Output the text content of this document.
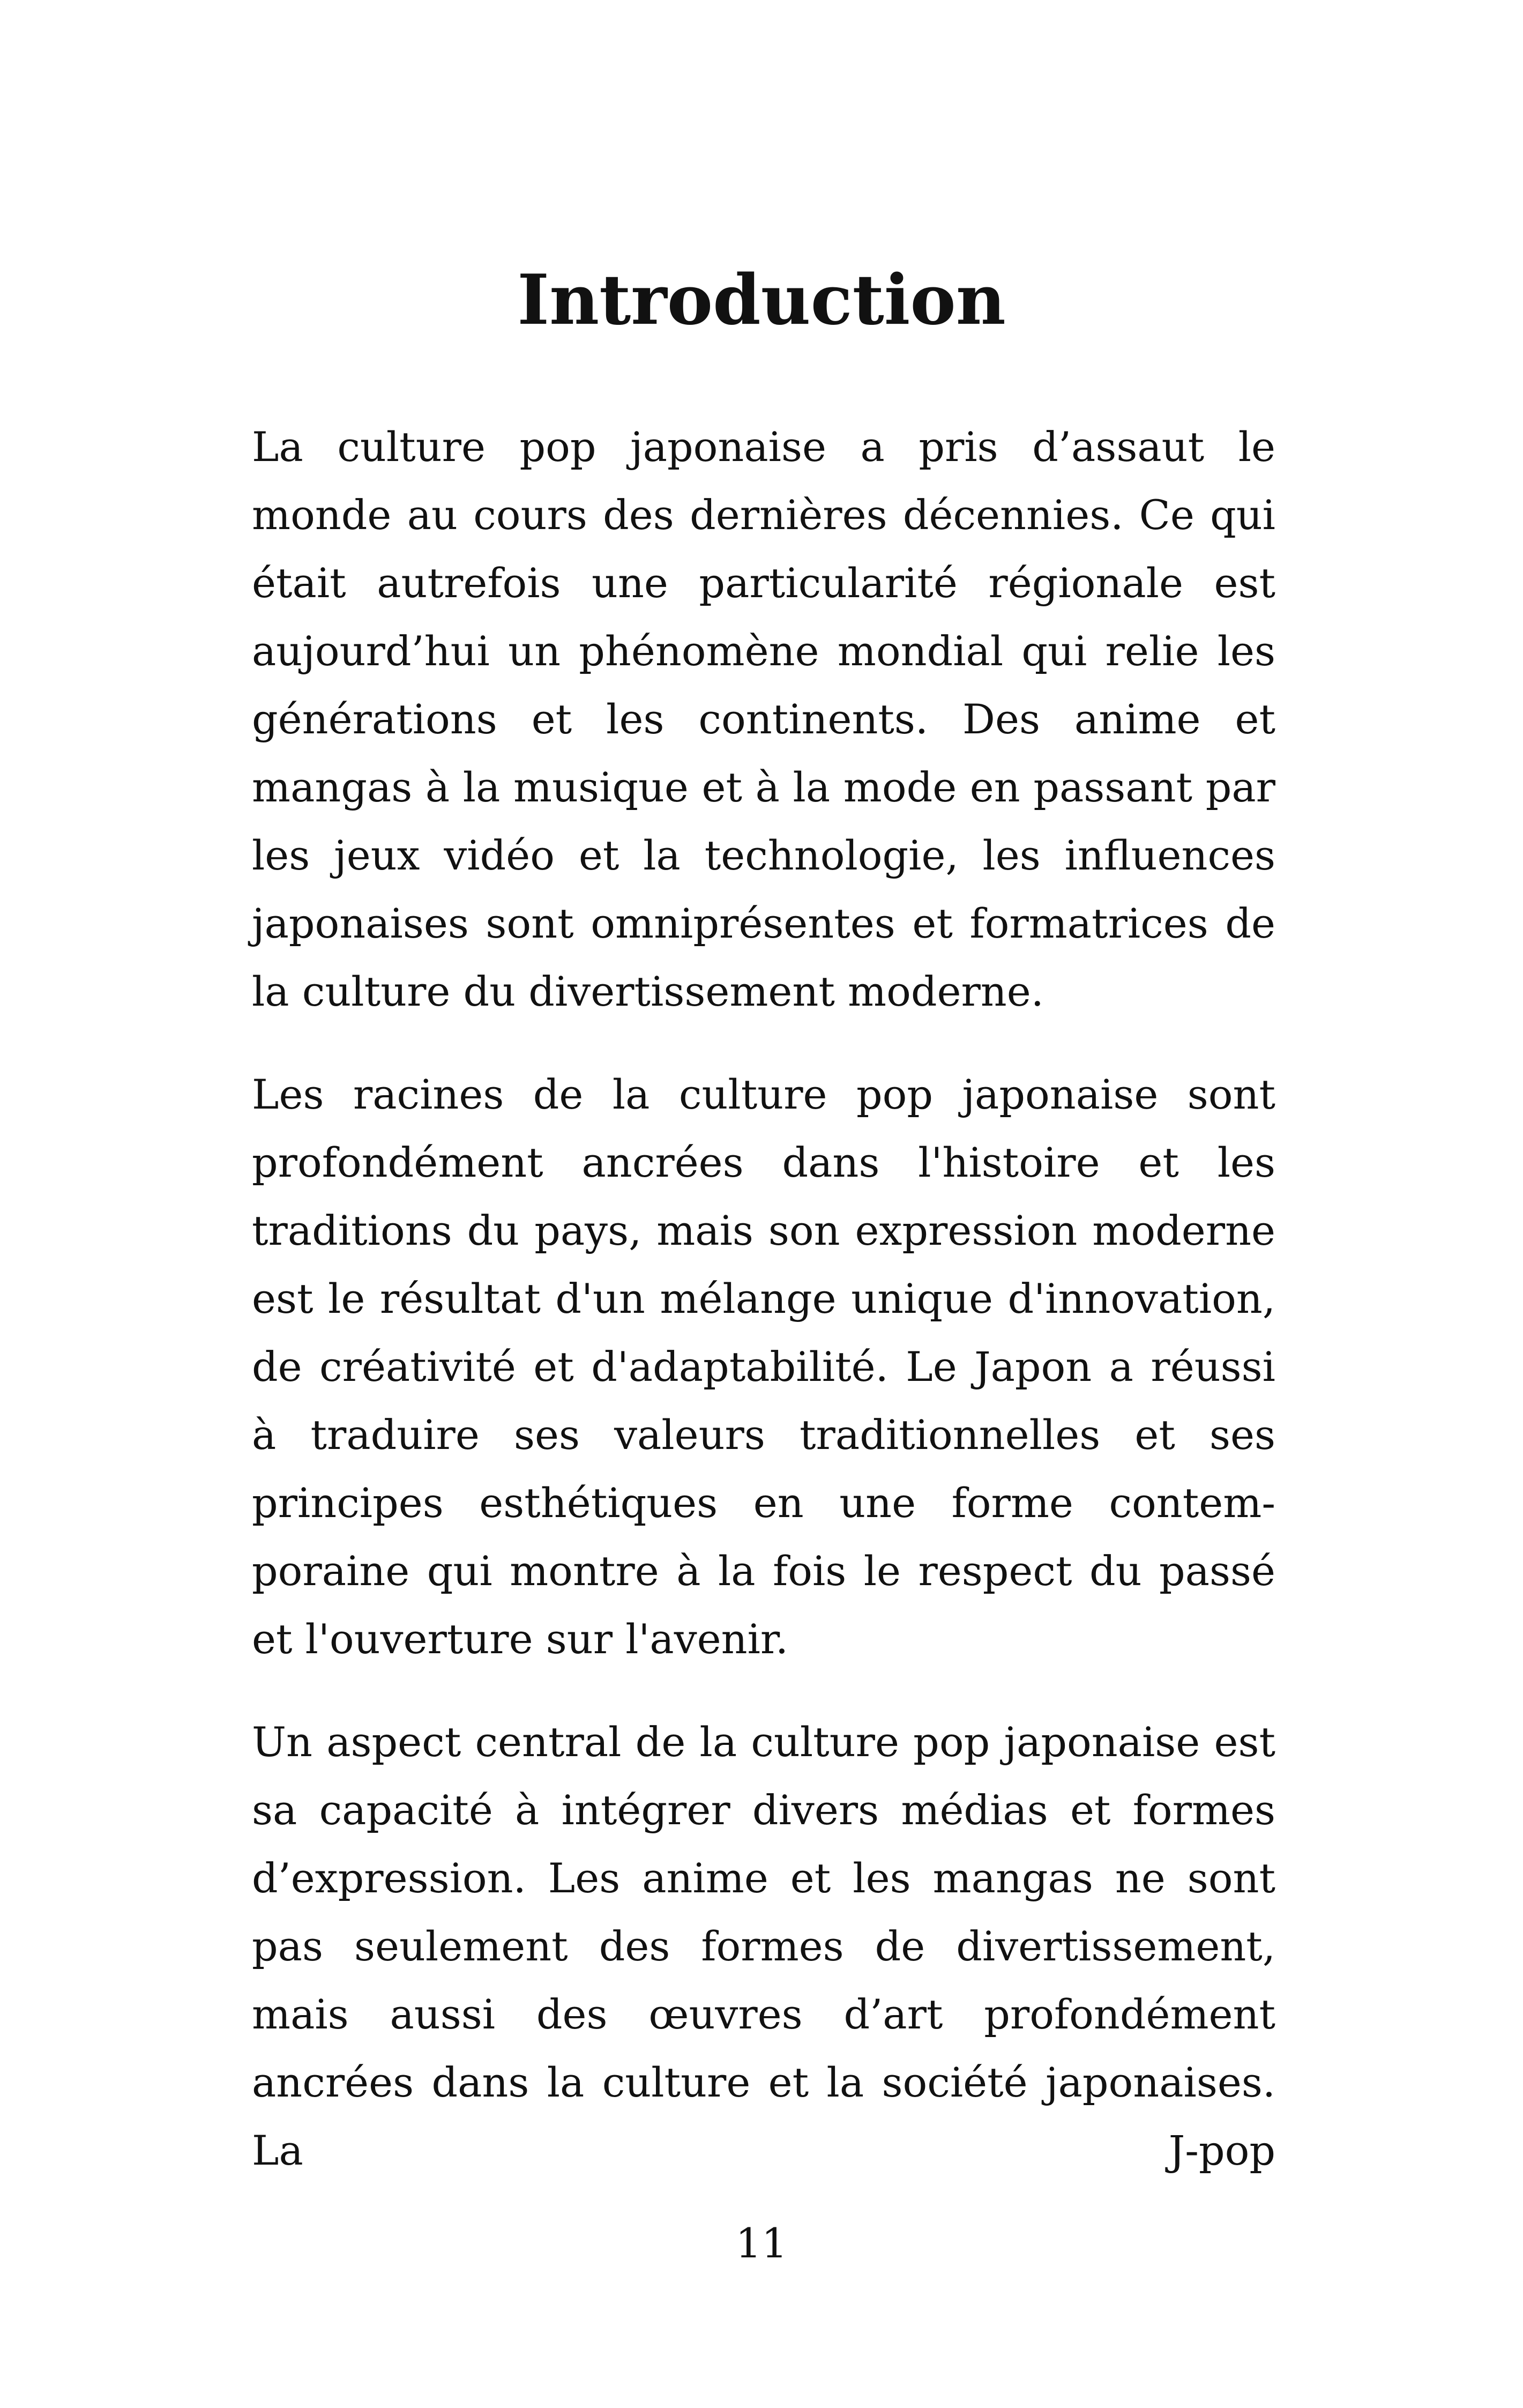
Introduction

La culture pop japonaise a pris d’assaut le monde au cours des dernières décennies. Ce qui était autrefois une particularité régionale est aujourd’hui un phénomène mondial qui relie les générations et les continents. Des anime et mangas à la musique et à la mode en passant par les jeux vidéo et la technologie, les influences japonaises sont omniprésentes et formatrices de la culture du divertissement moderne.

Les racines de la culture pop japonaise sont profondément ancrées dans l'histoire et les traditions du pays, mais son expression moderne est le résultat d'un mélange unique d'innovation, de créativité et d'adaptabilité. Le Japon a réussi à traduire ses valeurs traditionnelles et ses principes esthétiques en une forme contemporaine qui montre à la fois le respect du passé et l'ouverture sur l'avenir.

Un aspect central de la culture pop japonaise est sa capacité à intégrer divers médias et formes d’expression. Les anime et les mangas ne sont pas seulement des formes de divertissement, mais aussi des œuvres d’art profondément ancrées dans la culture et la société japonaises. La J-pop

11
